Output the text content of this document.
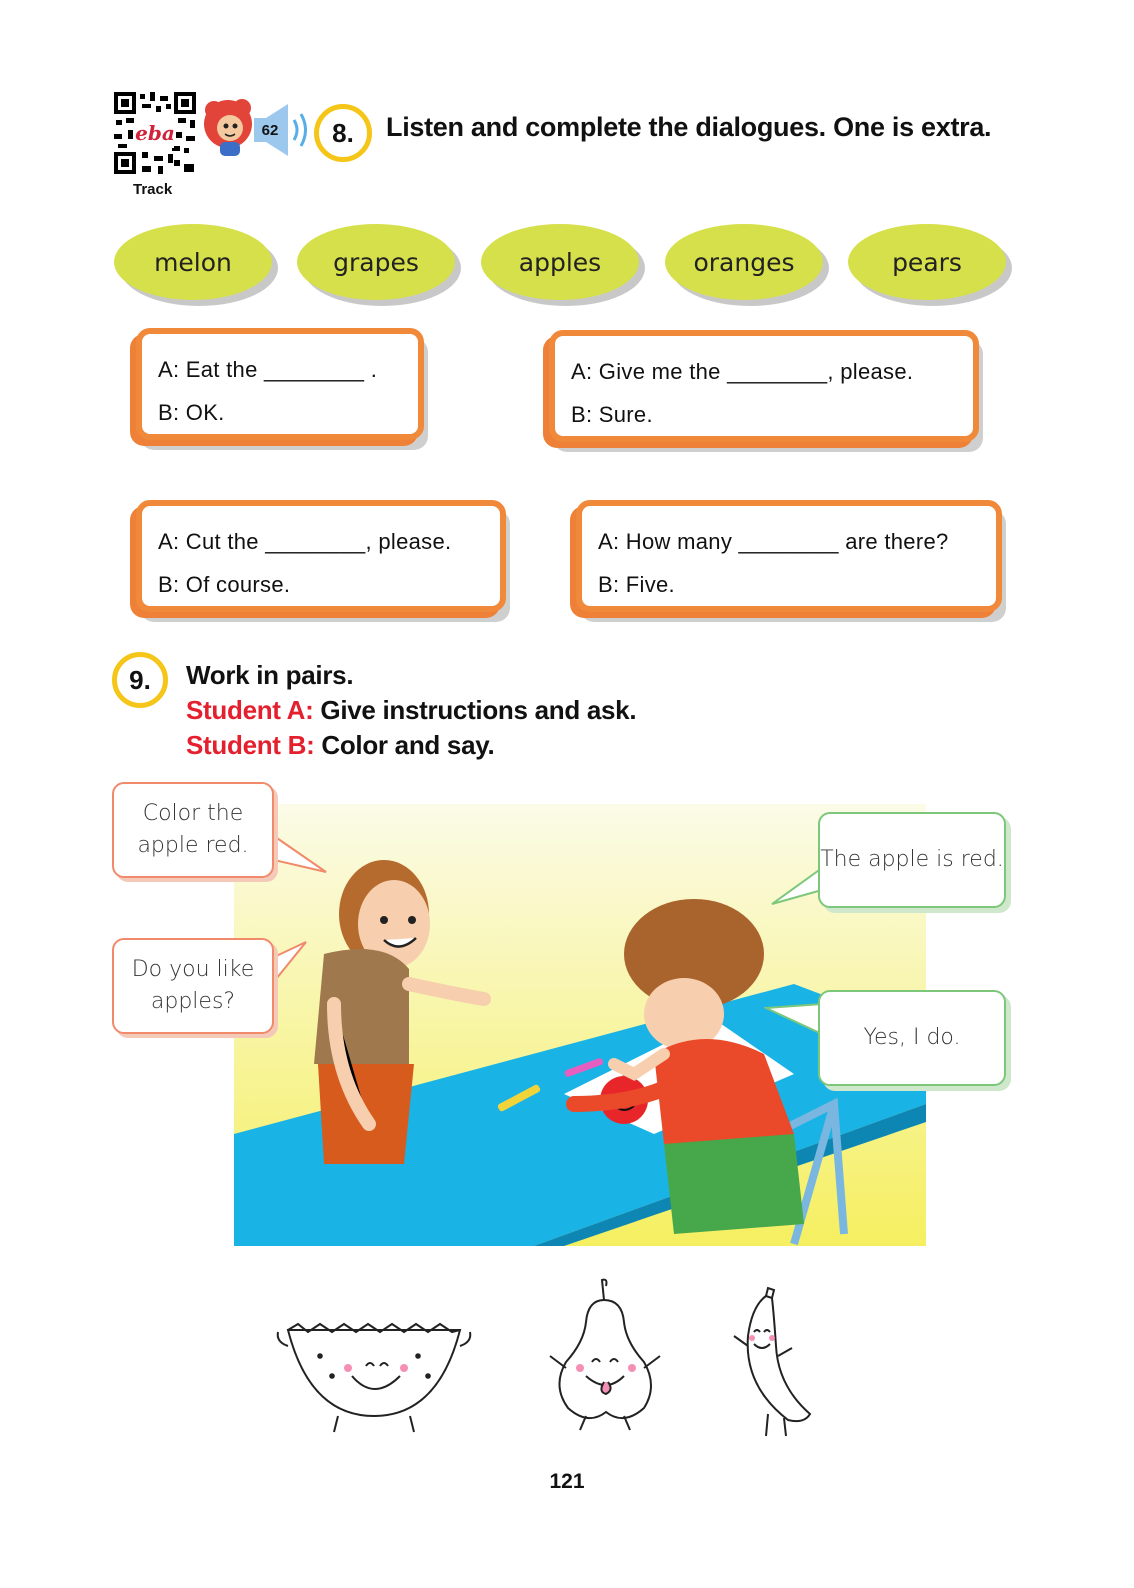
eba
Track
62	8.	Listen and complete the dialogues. One is extra.
melon	grapes	apples	oranges	pears
A: Eat the ________ .
B: OK.
A: Give me the ________, please.
B: Sure.
A: Cut the ________, please.
B: Of course.
A: How many ________ are there?
B: Five.
9.	Work in pairs.
Student A: Give instructions and ask.
Student B: Color and say.
Color the apple red.
Do you like apples?
The apple is red.
Yes, I do.
121
